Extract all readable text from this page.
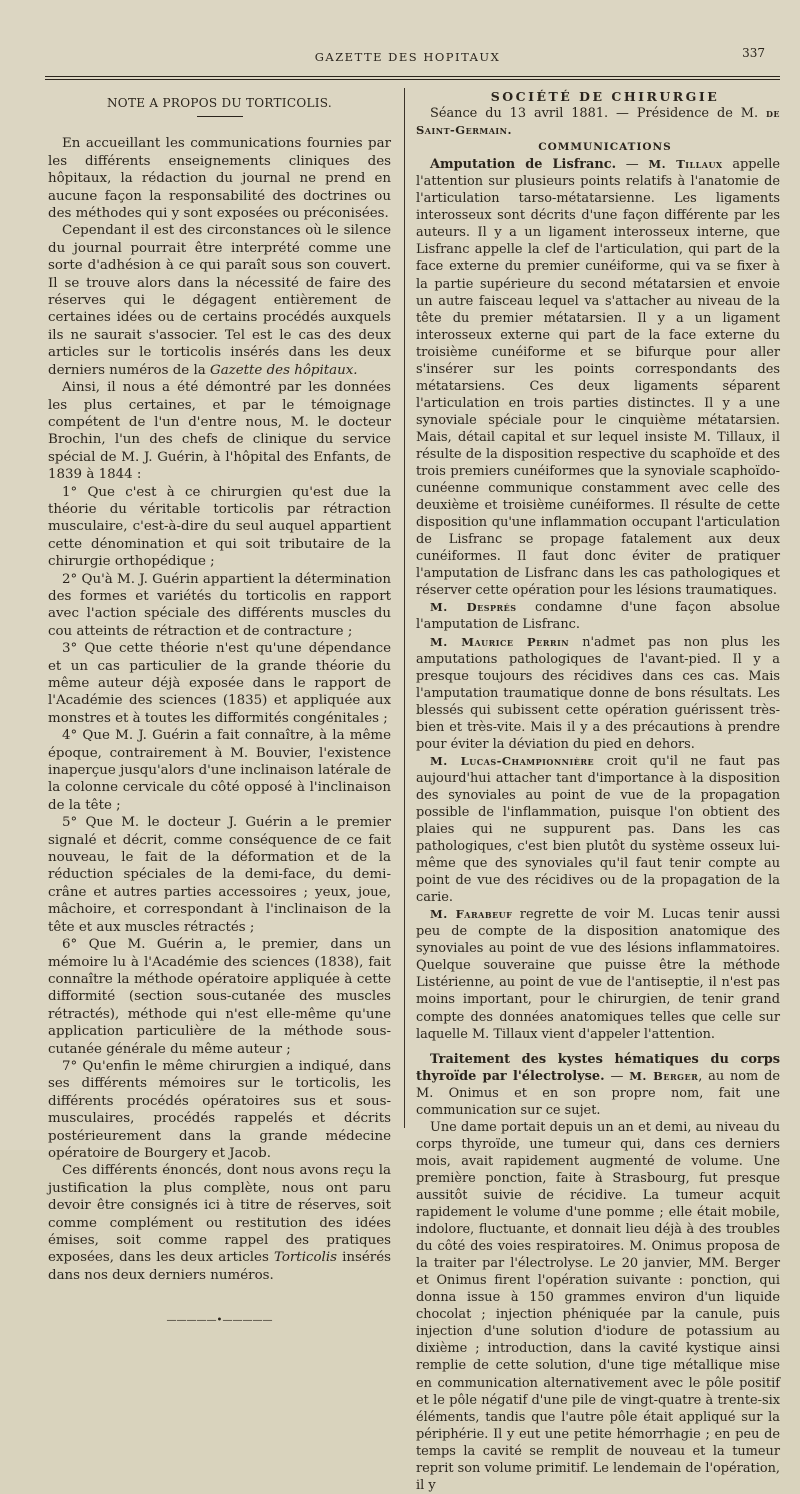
GAZETTE DES HOPITAUX	337

NOTE A PROPOS DU TORTICOLIS.

En accueillant les communications fournies par les différents enseignements cliniques des hôpitaux, la rédaction du journal ne prend en aucune façon la responsabilité des doctrines ou des méthodes qui y sont exposées ou préconisées.

Cependant il est des circonstances où le silence du journal pourrait être interprété comme une sorte d'adhésion à ce qui paraît sous son couvert. Il se trouve alors dans la nécessité de faire des réserves qui le dégagent entièrement de certaines idées ou de certains procédés auxquels ils ne saurait s'associer. Tel est le cas des deux articles sur le torticolis insérés dans les deux derniers numéros de la Gazette des hôpitaux.

Ainsi, il nous a été démontré par les données les plus certaines, et par le témoignage compétent de l'un d'entre nous, M. le docteur Brochin, l'un des chefs de clinique du service spécial de M. J. Guérin, à l'hôpital des Enfants, de 1839 à 1844 :

1° Que c'est à ce chirurgien qu'est due la théorie du véritable torticolis par rétraction musculaire, c'est-à-dire du seul auquel appartient cette dénomination et qui soit tributaire de la chirurgie orthopédique ;

2° Qu'à M. J. Guérin appartient la détermination des formes et variétés du torticolis en rapport avec l'action spéciale des différents muscles du cou atteints de rétraction et de contracture ;

3° Que cette théorie n'est qu'une dépendance et un cas particulier de la grande théorie du même auteur déjà exposée dans le rapport de l'Académie des sciences (1835) et appliquée aux monstres et à toutes les difformités congénitales ;

4° Que M. J. Guérin a fait connaître, à la même époque, contrairement à M. Bouvier, l'existence inaperçue jusqu'alors d'une inclinaison latérale de la colonne cervicale du côté opposé à l'inclinaison de la tête ;

5° Que M. le docteur J. Guérin a le premier signalé et décrit, comme conséquence de ce fait nouveau, le fait de la déformation et de la réduction spéciales de la demi-face, du demi-crâne et autres parties accessoires ; yeux, joue, mâchoire, et correspondant à l'inclinaison de la tête et aux muscles rétractés ;

6° Que M. Guérin a, le premier, dans un mémoire lu à l'Académie des sciences (1838), fait connaître la méthode opératoire appliquée à cette difformité (section sous-cutanée des muscles rétractés), méthode qui n'est elle-même qu'une application particulière de la méthode sous-cutanée générale du même auteur ;

7° Qu'enfin le même chirurgien a indiqué, dans ses différents mémoires sur le torticolis, les différents procédés opératoires sus et sous-musculaires, procédés rappelés et décrits postérieurement dans la grande médecine opératoire de Bourgery et Jacob.

Ces différents énoncés, dont nous avons reçu la justification la plus complète, nous ont paru devoir être consignés ici à titre de réserves, soit comme complément ou restitution des idées émises, soit comme rappel des pratiques exposées, dans les deux articles Torticolis insérés dans nos deux derniers numéros.

—————•—————

SOCIÉTÉ DE CHIRURGIE

Séance du 13 avril 1881. — Présidence de M. de Saint-Germain.

COMMUNICATIONS

Amputation de Lisfranc. — M. Tillaux appelle l'attention sur plusieurs points relatifs à l'anatomie de l'articulation tarso-métatarsienne. Les ligaments interosseux sont décrits d'une façon différente par les auteurs. Il y a un ligament interosseux interne, que Lisfranc appelle la clef de l'articulation, qui part de la face externe du premier cunéiforme, qui va se fixer à la partie supérieure du second métatarsien et envoie un autre faisceau lequel va s'attacher au niveau de la tête du premier métatarsien. Il y a un ligament interosseux externe qui part de la face externe du troisième cunéiforme et se bifurque pour aller s'insérer sur les points correspondants des métatarsiens. Ces deux ligaments séparent l'articulation en trois parties distinctes. Il y a une synoviale spéciale pour le cinquième métatarsien. Mais, détail capital et sur lequel insiste M. Tillaux, il résulte de la disposition respective du scaphoïde et des trois premiers cunéiformes que la synoviale scaphoïdo-cunéenne communique constamment avec celle des deuxième et troisième cunéiformes. Il résulte de cette disposition qu'une inflammation occupant l'articulation de Lisfranc se propage fatalement aux deux cunéiformes. Il faut donc éviter de pratiquer l'amputation de Lisfranc dans les cas pathologiques et réserver cette opération pour les lésions traumatiques.

M. Després condamne d'une façon absolue l'amputation de Lisfranc.

M. Maurice Perrin n'admet pas non plus les amputations pathologiques de l'avant-pied. Il y a presque toujours des récidives dans ces cas. Mais l'amputation traumatique donne de bons résultats. Les blessés qui subissent cette opération guérissent très-bien et très-vite. Mais il y a des précautions à prendre pour éviter la déviation du pied en dehors.

M. Lucas-Championnière croit qu'il ne faut pas aujourd'hui attacher tant d'importance à la disposition des synoviales au point de vue de la propagation possible de l'inflammation, puisque l'on obtient des plaies qui ne suppurent pas. Dans les cas pathologiques, c'est bien plutôt du système osseux lui-même que des synoviales qu'il faut tenir compte au point de vue des récidives ou de la propagation de la carie.

M. Farabeuf regrette de voir M. Lucas tenir aussi peu de compte de la disposition anatomique des synoviales au point de vue des lésions inflammatoires. Quelque souveraine que puisse être la méthode Listérienne, au point de vue de l'antiseptie, il n'est pas moins important, pour le chirurgien, de tenir grand compte des données anatomiques telles que celle sur laquelle M. Tillaux vient d'appeler l'attention.

Traitement des kystes hématiques du corps thyroïde par l'électrolyse. — M. Berger, au nom de M. Onimus et en son propre nom, fait une communication sur ce sujet.

Une dame portait depuis un an et demi, au niveau du corps thyroïde, une tumeur qui, dans ces derniers mois, avait rapidement augmenté de volume. Une première ponction, faite à Strasbourg, fut presque aussitôt suivie de récidive. La tumeur acquit rapidement le volume d'une pomme ; elle était mobile, indolore, fluctuante, et donnait lieu déjà à des troubles du côté des voies respiratoires. M. Onimus proposa de la traiter par l'électrolyse. Le 20 janvier, MM. Berger et Onimus firent l'opération suivante : ponction, qui donna issue à 150 grammes environ d'un liquide chocolat ; injection phéniquée par la canule, puis injection d'une solution d'iodure de potassium au dixième ; introduction, dans la cavité kystique ainsi remplie de cette solution, d'une tige métallique mise en communication alternativement avec le pôle positif et le pôle négatif d'une pile de vingt-quatre à trente-six éléments, tandis que l'autre pôle était appliqué sur la périphérie. Il y eut une petite hémorrhagie ; en peu de temps la cavité se remplit de nouveau et la tumeur reprit son volume primitif. Le lendemain de l'opération, il y
